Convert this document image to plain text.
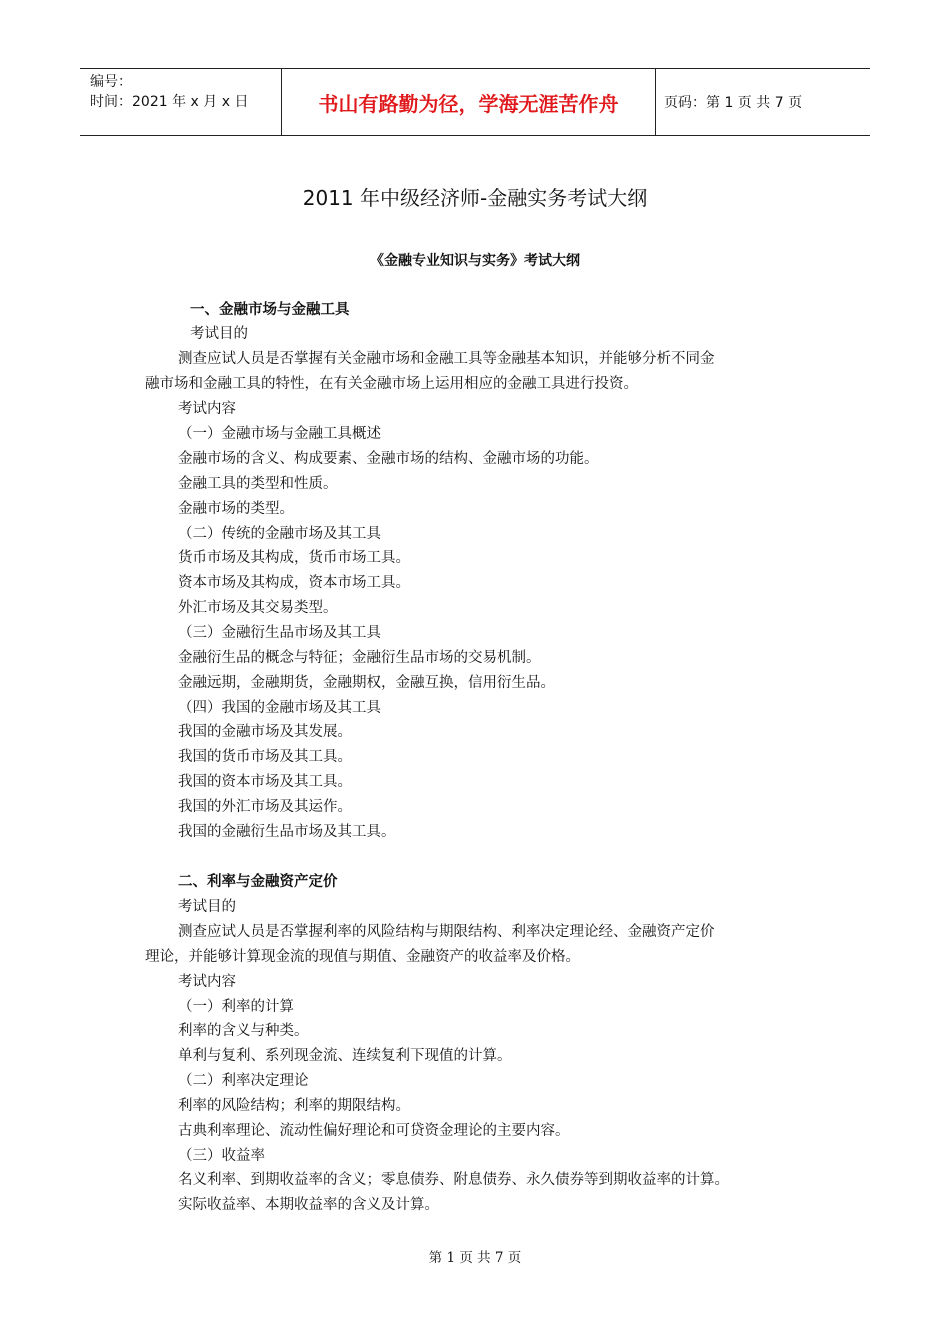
编号：
时间：2021 年 x 月 x 日	书山有路勤为径，学海无涯苦作舟	页码：第 1 页 共 7 页
2011 年中级经济师-金融实务考试大纲
《金融专业知识与实务》考试大纲
一、金融市场与金融工具
考试目的
测查应试人员是否掌握有关金融市场和金融工具等金融基本知识，并能够分析不同金
融市场和金融工具的特性，在有关金融市场上运用相应的金融工具进行投资。
考试内容
（一）金融市场与金融工具概述
金融市场的含义、构成要素、金融市场的结构、金融市场的功能。
金融工具的类型和性质。
金融市场的类型。
（二）传统的金融市场及其工具
货币市场及其构成，货币市场工具。
资本市场及其构成，资本市场工具。
外汇市场及其交易类型。
（三）金融衍生品市场及其工具
金融衍生品的概念与特征；金融衍生品市场的交易机制。
金融远期，金融期货，金融期权，金融互换，信用衍生品。
（四）我国的金融市场及其工具
我国的金融市场及其发展。
我国的货币市场及其工具。
我国的资本市场及其工具。
我国的外汇市场及其运作。
我国的金融衍生品市场及其工具。
二、利率与金融资产定价
考试目的
测查应试人员是否掌握利率的风险结构与期限结构、利率决定理论经、金融资产定价
理论，并能够计算现金流的现值与期值、金融资产的收益率及价格。
考试内容
（一）利率的计算
利率的含义与种类。
单利与复利、系列现金流、连续复利下现值的计算。
（二）利率决定理论
利率的风险结构；利率的期限结构。
古典利率理论、流动性偏好理论和可贷资金理论的主要内容。
（三）收益率
名义利率、到期收益率的含义；零息债券、附息债券、永久债券等到期收益率的计算。
实际收益率、本期收益率的含义及计算。
第 1 页 共 7 页
